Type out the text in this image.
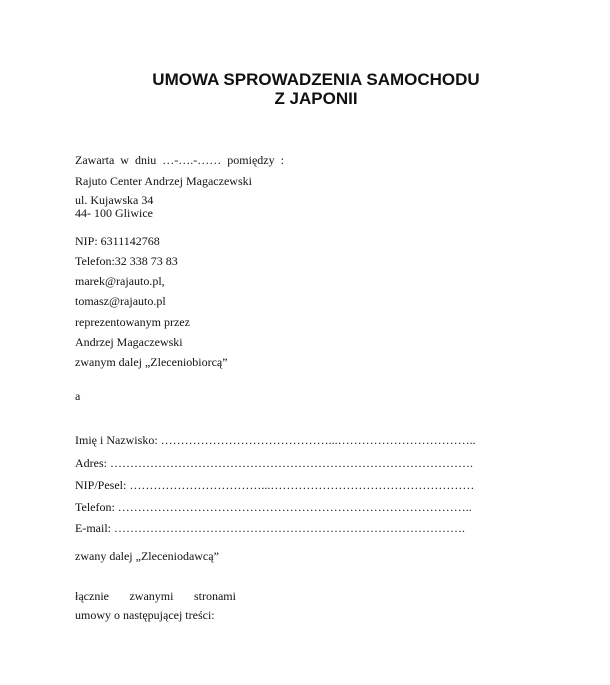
UMOWA SPROWADZENIA SAMOCHODU
Z JAPONII
Zawarta  w  dniu  …-….-……  pomiędzy  :
Rajuto Center Andrzej Magaczewski
ul. Kujawska 34
44- 100 Gliwice
NIP: 6311142768
Telefon:32 338 73 83
marek@rajauto.pl,
tomasz@rajauto.pl
reprezentowanym przez
Andrzej Magaczewski
zwanym dalej „Zleceniobiorcą”
a
Imię i Nazwisko: ……………………………………...……………………………..
Adres: ……………………………………………………………………………….
NIP/Pesel: ……………………………...……………………………………………
Telefon: ……………………………………………………………………………..
E-mail: …………………………………………………………………………….
zwany dalej „Zleceniodawcą”
łącznie zwanymi stronami
umowy o następującej treści:
